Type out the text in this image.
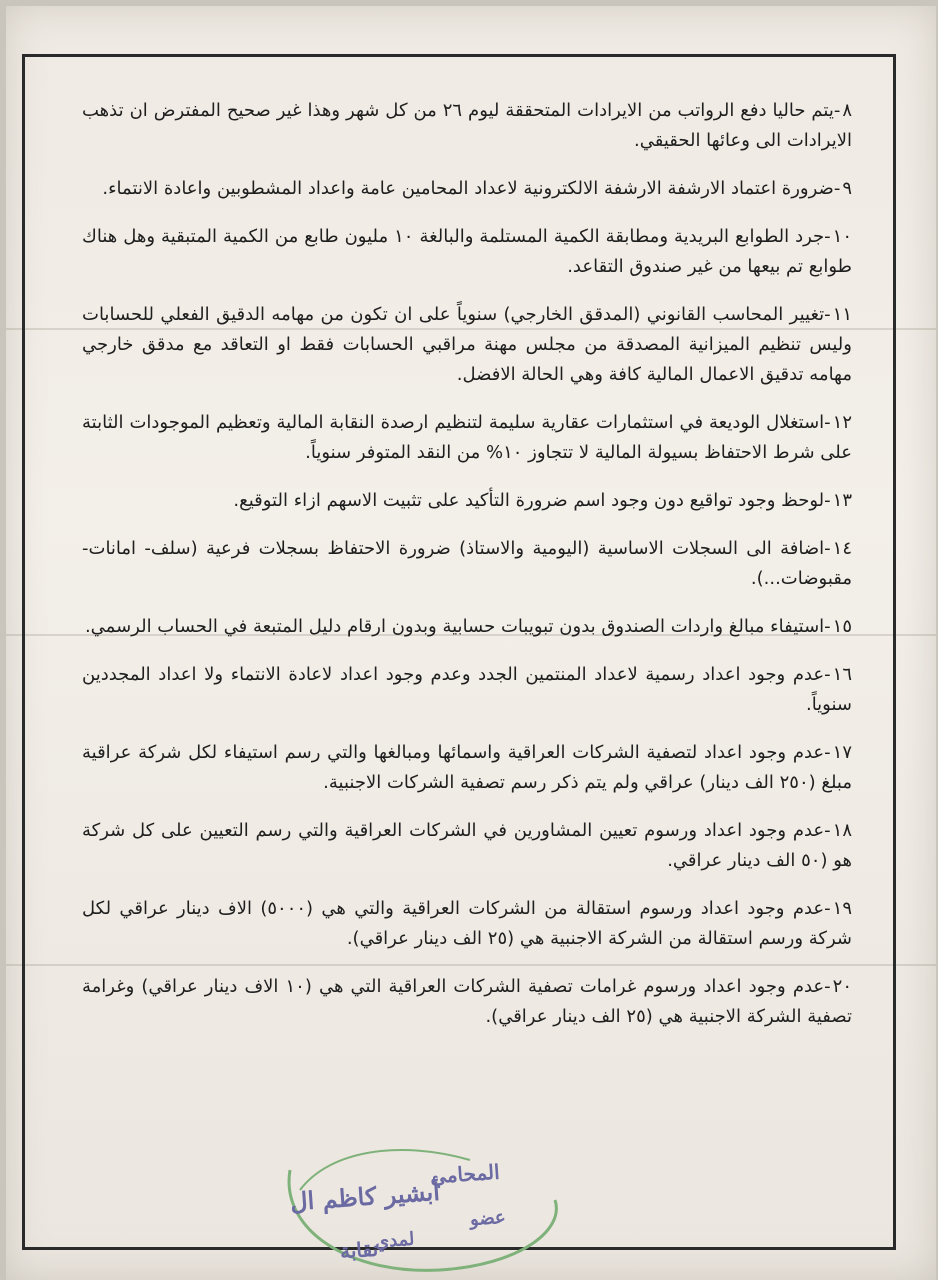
٨-يتم حاليا دفع الرواتب من الايرادات المتحققة ليوم ٢٦ من كل شهر وهذا غير صحيح المفترض ان تذهب الايرادات الى وعائها الحقيقي.

٩-ضرورة اعتماد الارشفة الارشفة الالكترونية لاعداد المحامين عامة واعداد المشطوبين واعادة الانتماء.

١٠-جرد الطوابع البريدية ومطابقة الكمية المستلمة والبالغة ١٠ مليون طابع من الكمية المتبقية وهل هناك طوابع تم بيعها من غير صندوق التقاعد.

١١-تغيير المحاسب القانوني (المدقق الخارجي) سنوياً على ان تكون من مهامه الدقيق الفعلي للحسابات وليس تنظيم الميزانية المصدقة من مجلس مهنة مراقبي الحسابات فقط او التعاقد مع مدقق خارجي مهامه تدقيق الاعمال المالية كافة وهي الحالة الافضل.

١٢-استغلال الوديعة في استثمارات عقارية سليمة لتنظيم ارصدة النقابة المالية وتعظيم الموجودات الثابتة على شرط الاحتفاظ بسيولة المالية لا تتجاوز ١٠% من النقد المتوفر سنوياً.

١٣-لوحظ وجود تواقيع دون وجود اسم ضرورة التأكيد على تثبيت الاسهم ازاء التوقيع.

١٤-اضافة الى السجلات الاساسية (اليومية والاستاذ) ضرورة الاحتفاظ بسجلات فرعية (سلف- امانات- مقبوضات...).

١٥-استيفاء مبالغ واردات الصندوق بدون تبويبات حسابية وبدون ارقام دليل المتبعة في الحساب الرسمي.

١٦-عدم وجود اعداد رسمية لاعداد المنتمين الجدد وعدم وجود اعداد لاعادة الانتماء ولا اعداد المجددين سنوياً.

١٧-عدم وجود اعداد لتصفية الشركات العراقية واسمائها ومبالغها والتي رسم استيفاء لكل شركة عراقية مبلغ (٢٥٠ الف دينار) عراقي ولم يتم ذكر رسم تصفية الشركات الاجنبية.

١٨-عدم وجود اعداد ورسوم تعيين المشاورين في الشركات العراقية والتي رسم التعيين على كل شركة هو (٥٠ الف دينار عراقي.

١٩-عدم وجود اعداد ورسوم استقالة من الشركات العراقية والتي هي (٥٠٠٠) الاف دينار عراقي لكل شركة ورسم استقالة من الشركة الاجنبية هي (٢٥ الف دينار عراقي).

٢٠-عدم وجود اعداد ورسوم غرامات تصفية الشركات العراقية التي هي (١٠ الاف دينار عراقي) وغرامة تصفية الشركة الاجنبية هي (٢٥ الف دينار عراقي).

المحامي
أبشير كاظم ال
عضو
نقابة
لمدي
